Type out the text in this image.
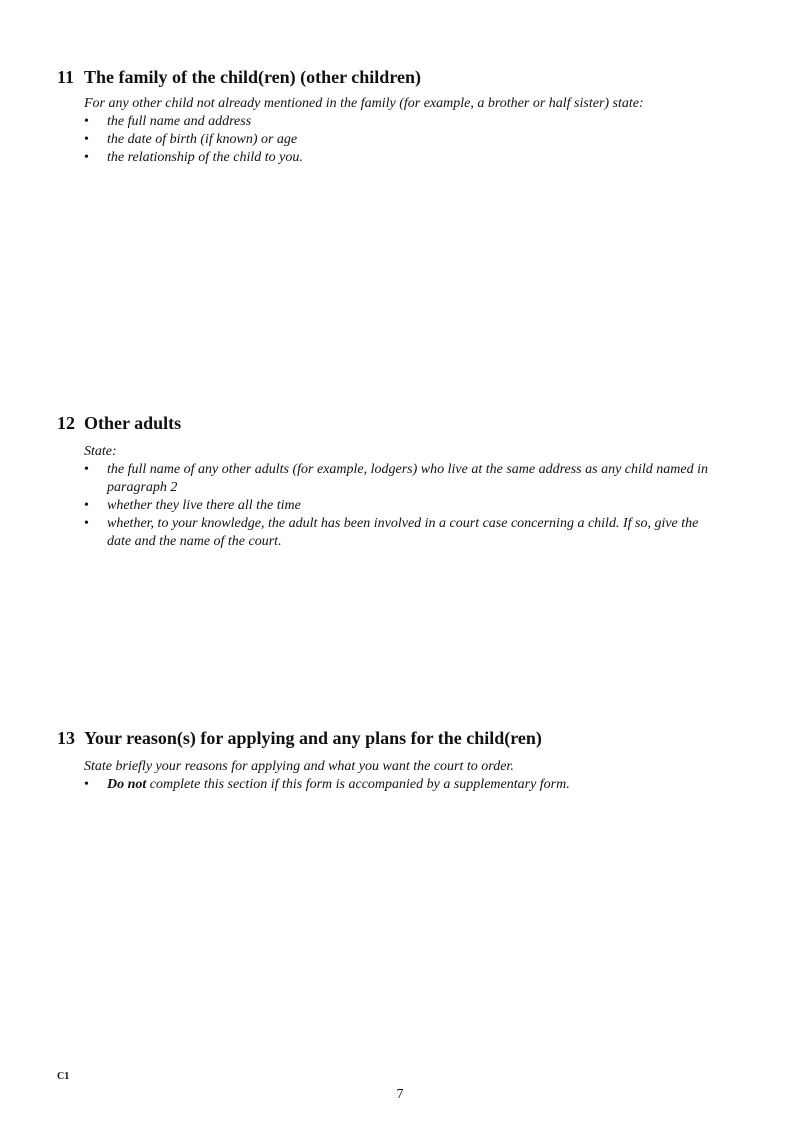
11 The family of the child(ren) (other children)

For any other child not already mentioned in the family (for example, a brother or half sister) state:

• the full name and address
• the date of birth (if known) or age
• the relationship of the child to you.
12 Other adults

State:

• the full name of any other adults (for example, lodgers) who live at the same address as any child named in paragraph 2
• whether they live there all the time
• whether, to your knowledge, the adult has been involved in a court case concerning a child. If so, give the date and the name of the court.
13 Your reason(s) for applying and any plans for the child(ren)

State briefly your reasons for applying and what you want the court to order.

• Do not complete this section if this form is accompanied by a supplementary form.
C1
7
